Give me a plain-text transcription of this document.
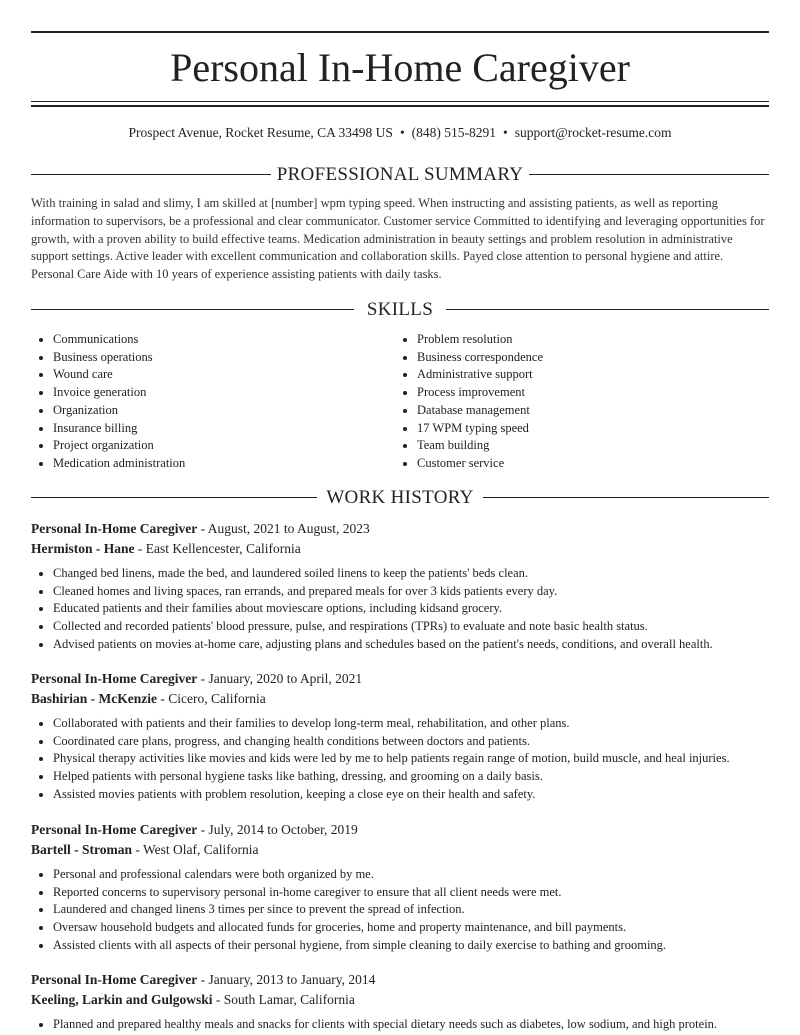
Personal In-Home Caregiver
Prospect Avenue, Rocket Resume, CA 33498 US • (848) 515-8291 • support@rocket-resume.com
PROFESSIONAL SUMMARY
With training in salad and slimy, I am skilled at [number] wpm typing speed. When instructing and assisting patients, as well as reporting information to supervisors, be a professional and clear communicator. Customer service Committed to identifying and leveraging opportunities for growth, with a proven ability to build effective teams. Medication administration in beauty settings and problem resolution in administrative support settings. Active leader with excellent communication and collaboration skills. Payed close attention to personal hygiene and attire. Personal Care Aide with 10 years of experience assisting patients with daily tasks.
SKILLS
• Communications
• Business operations
• Wound care
• Invoice generation
• Organization
• Insurance billing
• Project organization
• Medication administration
• Problem resolution
• Business correspondence
• Administrative support
• Process improvement
• Database management
• 17 WPM typing speed
• Team building
• Customer service
WORK HISTORY
Personal In-Home Caregiver - August, 2021 to August, 2023
Hermiston - Hane - East Kellencester, California
• Changed bed linens, made the bed, and laundered soiled linens to keep the patients' beds clean.
• Cleaned homes and living spaces, ran errands, and prepared meals for over 3 kids patients every day.
• Educated patients and their families about moviescare options, including kidsand grocery.
• Collected and recorded patients' blood pressure, pulse, and respirations (TPRs) to evaluate and note basic health status.
• Advised patients on movies at-home care, adjusting plans and schedules based on the patient's needs, conditions, and overall health.
Personal In-Home Caregiver - January, 2020 to April, 2021
Bashirian - McKenzie - Cicero, California
• Collaborated with patients and their families to develop long-term meal, rehabilitation, and other plans.
• Coordinated care plans, progress, and changing health conditions between doctors and patients.
• Physical therapy activities like movies and kids were led by me to help patients regain range of motion, build muscle, and heal injuries.
• Helped patients with personal hygiene tasks like bathing, dressing, and grooming on a daily basis.
• Assisted movies patients with problem resolution, keeping a close eye on their health and safety.
Personal In-Home Caregiver - July, 2014 to October, 2019
Bartell - Stroman - West Olaf, California
• Personal and professional calendars were both organized by me.
• Reported concerns to supervisory personal in-home caregiver to ensure that all client needs were met.
• Laundered and changed linens 3 times per since to prevent the spread of infection.
• Oversaw household budgets and allocated funds for groceries, home and property maintenance, and bill payments.
• Assisted clients with all aspects of their personal hygiene, from simple cleaning to daily exercise to bathing and grooming.
Personal In-Home Caregiver - January, 2013 to January, 2014
Keeling, Larkin and Gulgowski - South Lamar, California
• Planned and prepared healthy meals and snacks for clients with special dietary needs such as diabetes, low sodium, and high protein.
